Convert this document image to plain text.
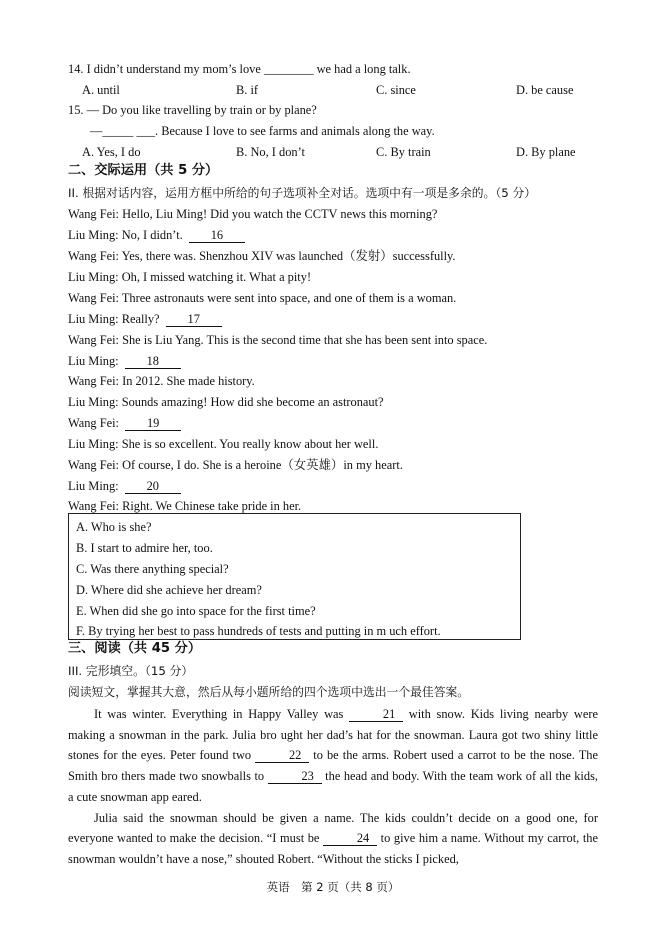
14. I didn’t understand my mom’s love ________ we had a long talk.
A. until	B. if	C. since	D. be cause
15. — Do you like travelling by train or by plane?
—_____ ___. Because I love to see farms and animals along the way.
A. Yes, I do	B. No, I don’t	C. By train	D. By plane
二、交际运用（共 5 分）
II. 根据对话内容，运用方框中所给的句子选项补全对话。选项中有一项是多余的。（5 分）
Wang Fei: Hello, Liu Ming! Did you watch the CCTV news this morning?
Liu Ming: No, I didn’t. 16
Wang Fei: Yes, there was. Shenzhou XIV was launched（发射）successfully.
Liu Ming: Oh, I missed watching it. What a pity!
Wang Fei: Three astronauts were sent into space, and one of them is a woman.
Liu Ming: Really? 17
Wang Fei: She is Liu Yang. This is the second time that she has been sent into space.
Liu Ming: 18
Wang Fei: In 2012. She made history.
Liu Ming: Sounds amazing! How did she become an astronaut?
Wang Fei: 19
Liu Ming: She is so excellent. You really know about her well.
Wang Fei: Of course, I do. She is a heroine（女英雄）in my heart.
Liu Ming: 20
Wang Fei: Right. We Chinese take pride in her.
A. Who is she?
B. I start to admire her, too.
C. Was there anything special?
D. Where did she achieve her dream?
E. When did she go into space for the first time?
F. By trying her best to pass hundreds of tests and putting in m uch effort.
三、阅读（共 45 分）
III. 完形填空。（15 分）
阅读短文，掌握其大意，然后从每小题所给的四个选项中选出一个最佳答案。

It was winter. Everything in Happy Valley was	21 with snow. Kids living nearby were making a snowman in the park. Julia bro ught her dad’s hat for the snowman. Laura got two shiny little stones for the eyes. Peter found two	22 to be the arms. Robert used a carrot to be the nose. The Smith bro thers made two snowballs to	23 the head and body. With the team work of all the kids, a cute snowman app eared.

Julia said the snowman should be given a name. The kids couldn’t decide on a good one, for everyone wanted to make the decision. “I must be	24 to give him a name. Without my carrot, the snowman wouldn’t have a nose,” shouted Robert. “Without the sticks I picked,

英语　第 2 页（共 8 页）
